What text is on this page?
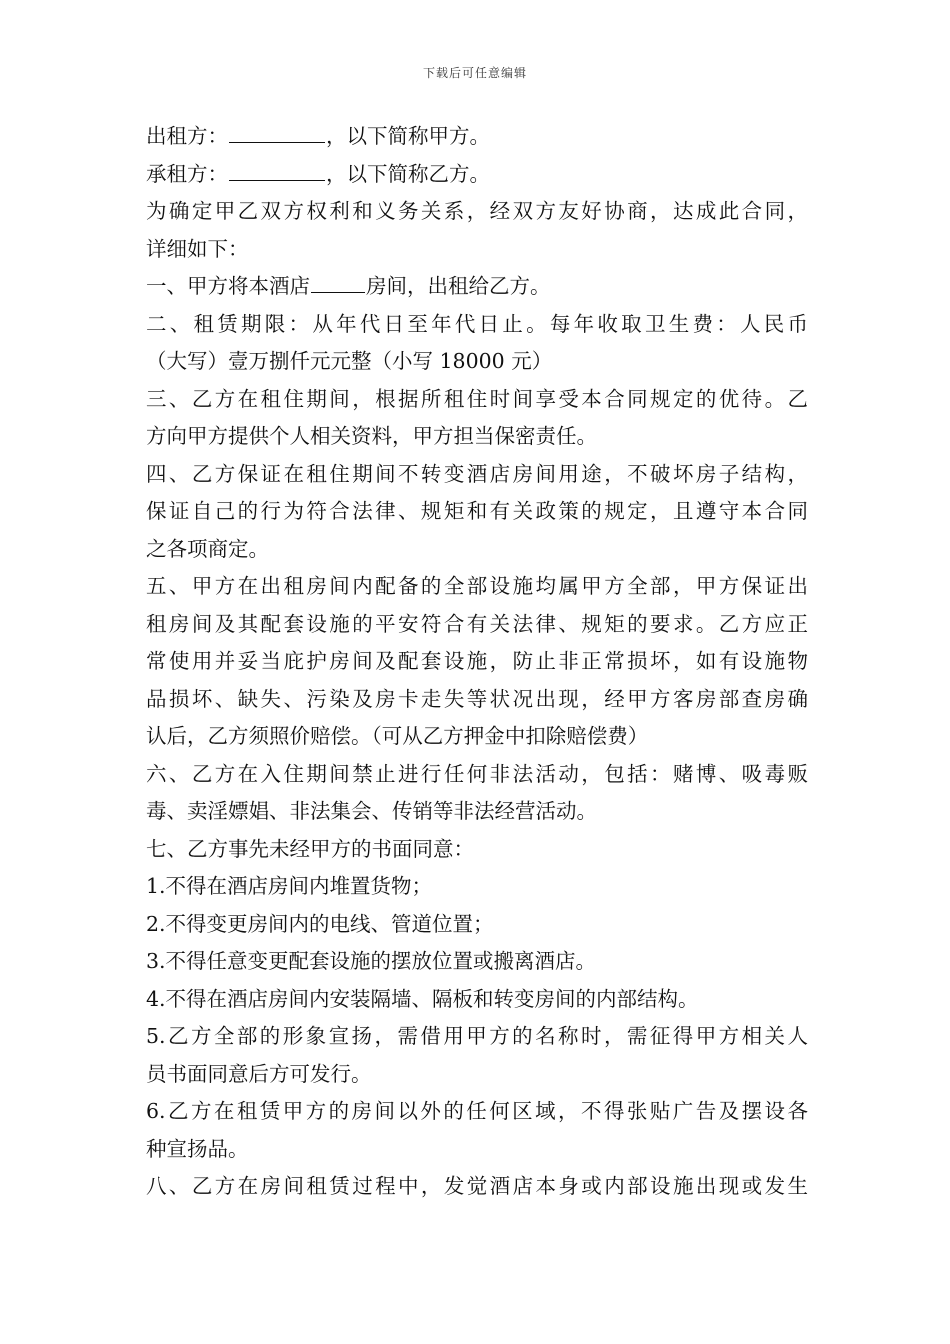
下载后可任意编辑
出租方：	，以下简称甲方。
承租方：	，以下简称乙方。
为确定甲乙双方权利和义务关系，经双方友好协商，达成此合同，
详细如下：
一、甲方将本酒店	房间，出租给乙方。
二、租赁期限：从年代日至年代日止。每年收取卫生费：人民币
（大写）壹万捌仟元元整（小写 18000 元）
三、乙方在租住期间，根据所租住时间享受本合同规定的优待。乙
方向甲方提供个人相关资料，甲方担当保密责任。
四、乙方保证在租住期间不转变酒店房间用途，不破坏房子结构，
保证自己的行为符合法律、规矩和有关政策的规定，且遵守本合同
之各项商定。
五、甲方在出租房间内配备的全部设施均属甲方全部，甲方保证出
租房间及其配套设施的平安符合有关法律、规矩的要求。乙方应正
常使用并妥当庇护房间及配套设施，防止非正常损坏，如有设施物
品损坏、缺失、污染及房卡走失等状况出现，经甲方客房部查房确
认后，乙方须照价赔偿。（可从乙方押金中扣除赔偿费）
六、乙方在入住期间禁止进行任何非法活动，包括：赌博、吸毒贩
毒、卖淫嫖娼、非法集会、传销等非法经营活动。
七、乙方事先未经甲方的书面同意：
1.不得在酒店房间内堆置货物；
2.不得变更房间内的电线、管道位置；
3.不得任意变更配套设施的摆放位置或搬离酒店。
4.不得在酒店房间内安装隔墙、隔板和转变房间的内部结构。
5.乙方全部的形象宣扬，需借用甲方的名称时，需征得甲方相关人
员书面同意后方可发行。
6.乙方在租赁甲方的房间以外的任何区域，不得张贴广告及摆设各
种宣扬品。
八、乙方在房间租赁过程中，发觉酒店本身或内部设施出现或发生
